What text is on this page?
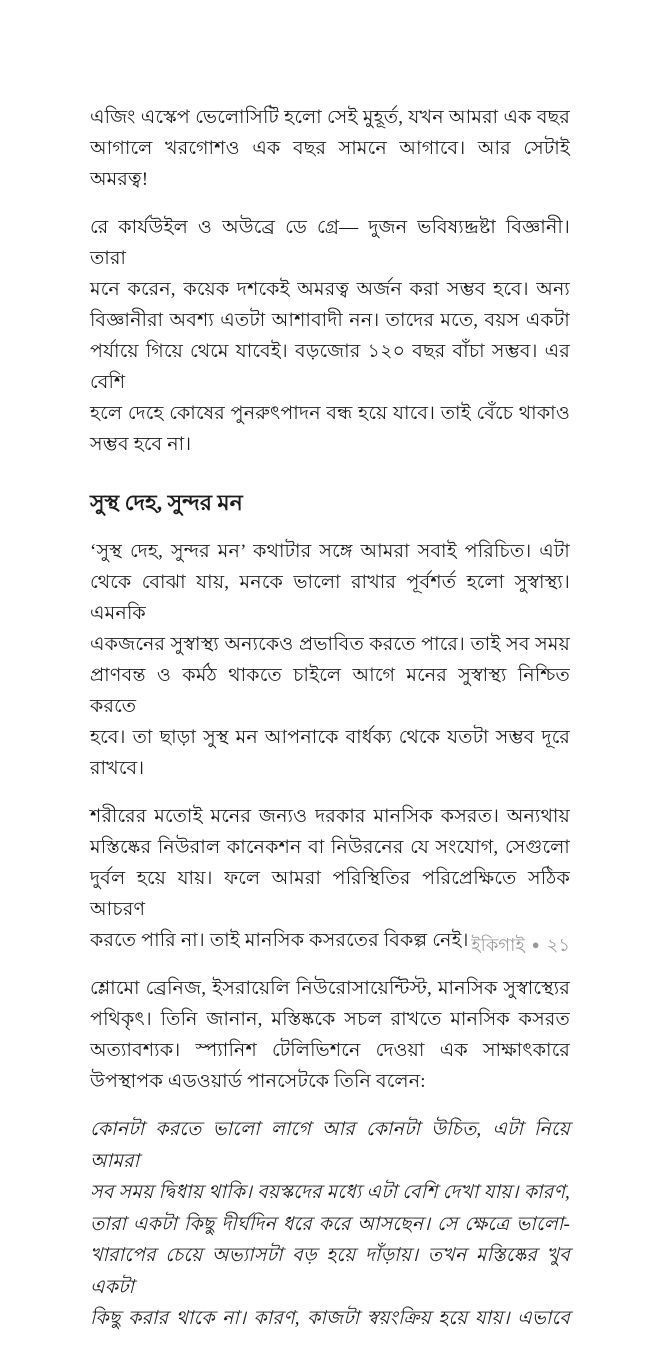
এজিং এস্কেপ ভেলোসিটি হলো সেই মুহূর্ত, যখন আমরা এক বছর
আগালে খরগোশও এক বছর সামনে আগাবে। আর সেটাই অমরত্ব!
রে কার্যউইল ও অউব্রে ডে গ্রে— দুজন ভবিষ্যদ্দ্রষ্টা বিজ্ঞানী। তারা
মনে করেন, কয়েক দশকেই অমরত্ব অর্জন করা সম্ভব হবে। অন্য
বিজ্ঞানীরা অবশ্য এতটা আশাবাদী নন। তাদের মতে, বয়স একটা
পর্যায়ে গিয়ে থেমে যাবেই। বড়জোর ১২০ বছর বাঁচা সম্ভব। এর বেশি
হলে দেহে কোষের পুনরুৎপাদন বন্ধ হয়ে যাবে। তাই বেঁচে থাকাও
সম্ভব হবে না।
সুস্থ দেহ, সুন্দর মন
‘সুস্থ দেহ, সুন্দর মন’ কথাটার সঙ্গে আমরা সবাই পরিচিত। এটা
থেকে বোঝা যায়, মনকে ভালো রাখার পূর্বশর্ত হলো সুস্বাস্থ্য। এমনকি
একজনের সুস্বাস্থ্য অন্যকেও প্রভাবিত করতে পারে। তাই সব সময়
প্রাণবন্ত ও কর্মঠ থাকতে চাইলে আগে মনের সুস্বাস্থ্য নিশ্চিত করতে
হবে। তা ছাড়া সুস্থ মন আপনাকে বার্ধক্য থেকে যতটা সম্ভব দূরে
রাখবে।
শরীরের মতোই মনের জন্যও দরকার মানসিক কসরত। অন্যথায়
মস্তিষ্কের নিউরাল কানেকশন বা নিউরনের যে সংযোগ, সেগুলো
দুর্বল হয়ে যায়। ফলে আমরা পরিস্থিতির পরিপ্রেক্ষিতে সঠিক আচরণ
করতে পারি না। তাই মানসিক কসরতের বিকল্প নেই।
শ্লোমো ব্রেনিজ, ইসরায়েলি নিউরোসায়েন্টিস্ট, মানসিক সুস্বাস্থ্যের
পথিকৃৎ। তিনি জানান, মস্তিষ্ককে সচল রাখতে মানসিক কসরত
অত্যাবশ্যক। স্প্যানিশ টেলিভিশনে দেওয়া এক সাক্ষাৎকারে
উপস্থাপক এডওয়ার্ড পানসেটকে তিনি বলেন:
কোনটা করতে ভালো লাগে আর কোনটা উচিত, এটা নিয়ে আমরা
সব সময় দ্বিধায় থাকি। বয়স্কদের মধ্যে এটা বেশি দেখা যায়। কারণ,
তারা একটা কিছু দীর্ঘদিন ধরে করে আসছেন। সে ক্ষেত্রে ভালো-
খারাপের চেয়ে অভ্যাসটা বড় হয়ে দাঁড়ায়। তখন মস্তিষ্কের খুব একটা
কিছু করার থাকে না। কারণ, কাজটা স্বয়ংক্রিয় হয়ে যায়। এভাবে
ইকিগাই ● ২১
